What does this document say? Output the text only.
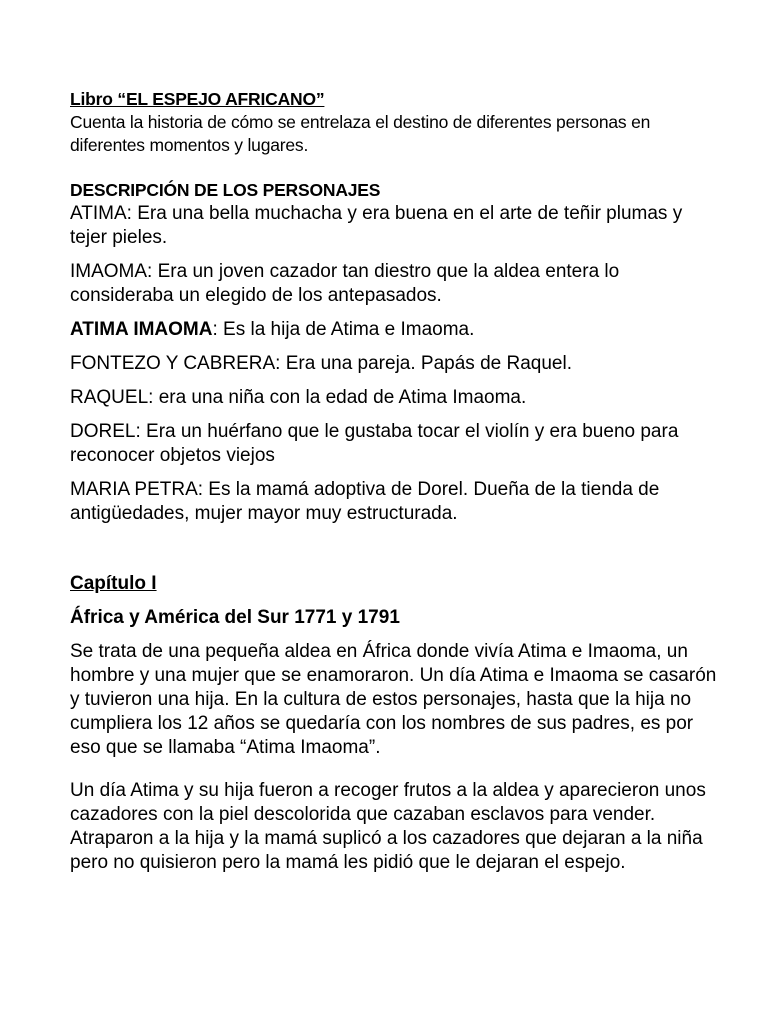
Libro “EL ESPEJO AFRICANO”
Cuenta la historia de cómo se entrelaza el destino de diferentes personas en diferentes momentos y lugares.
DESCRIPCIÓN DE LOS PERSONAJES

ATIMA: Era una bella muchacha y era buena en el arte de teñir plumas y tejer pieles.

IMAOMA: Era un joven cazador tan diestro que la aldea entera lo consideraba un elegido de los antepasados.

ATIMA IMAOMA: Es la hija de Atima e Imaoma.

FONTEZO Y CABRERA: Era una pareja. Papás de Raquel.

RAQUEL: era una niña con la edad de Atima Imaoma.

DOREL: Era un huérfano que le gustaba tocar el violín y era bueno para reconocer objetos viejos

MARIA PETRA: Es la mamá adoptiva de Dorel. Dueña de la tienda de antigüedades, mujer mayor muy estructurada.

Capítulo I
África y América del Sur 1771 y 1791

Se trata de una pequeña aldea en África donde vivía Atima e Imaoma, un hombre y una mujer que se enamoraron. Un día Atima e Imaoma se casarón y tuvieron una hija. En la cultura de estos personajes, hasta que la hija no cumpliera los 12 años se quedaría con los nombres de sus padres, es por eso que se llamaba “Atima Imaoma”.

Un día Atima y su hija fueron a recoger frutos a la aldea y aparecieron unos cazadores con la piel descolorida que cazaban esclavos para vender. Atraparon a la hija y la mamá suplicó a los cazadores que dejaran a la niña pero no quisieron pero la mamá les pidió que le dejaran el espejo.
